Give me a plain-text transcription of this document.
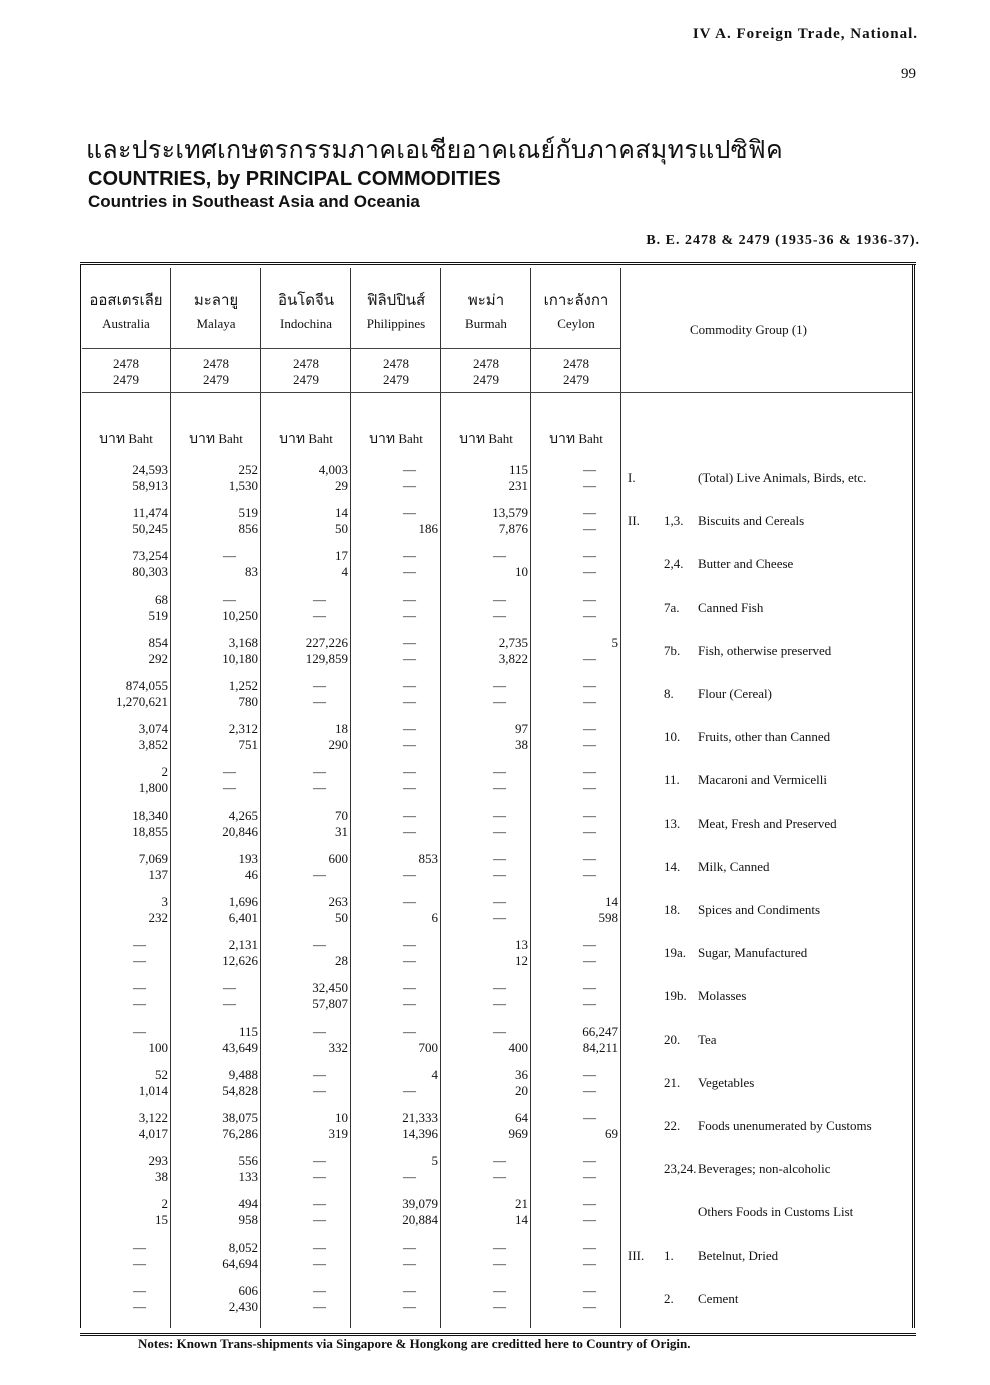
IV A. Foreign Trade, National.
99
และประเทศเกษตรกรรมภาคเอเชียอาคเณย์กับภาคสมุทรแปซิฟิค
COUNTRIES, by PRINCIPAL COMMODITIES
Countries in Southeast Asia and Oceania
B. E. 2478 & 2479 (1935-36 & 1936-37).
ออสเตรเลีย
Australia
2478
2479
บาท Baht
มะลายู
Malaya
2478
2479
บาท Baht
อินโดจีน
Indochina
2478
2479
บาท Baht
ฟิลิปปินส์
Philippines
2478
2479
บาท Baht
พะม่า
Burmah
2478
2479
บาท Baht
เกาะลังกา
Ceylon
2478
2479
บาท Baht
Commodity Group (1)
24,593
58,913
252
1,530
4,003
29
—
—
115
231
—
—
I.	(Total) Live Animals, Birds, etc.
11,474
50,245
519
856
14
50
—
186
13,579
7,876
—
—
II. 1,3. Biscuits and Cereals
73,254
80,303
—
83
17
4
—
—
—
10
—
—
2,4. Butter and Cheese
68
519
—
10,250
—
—
—
—
—
—
—
—
7a. Canned Fish
854
292
3,168
10,180
227,226
129,859
—
—
2,735
3,822
5
—
7b. Fish, otherwise preserved
874,055
1,270,621
1,252
780
—
—
—
—
—
—
—
—
8. Flour (Cereal)
3,074
3,852
2,312
751
18
290
—
—
97
38
—
—
10. Fruits, other than Canned
2
1,800
—
—
—
—
—
—
—
—
—
—
11. Macaroni and Vermicelli
18,340
18,855
4,265
20,846
70
31
—
—
—
—
—
—
13. Meat, Fresh and Preserved
7,069
137
193
46
600
—
853
—
—
—
—
—
14. Milk, Canned
3
232
1,696
6,401
263
50
—
6
—
—
14
598
18. Spices and Condiments
—
—
2,131
12,626
—
28
—
—
13
12
—
—
19a. Sugar, Manufactured
—
—
—
—
32,450
57,807
—
—
—
—
—
—
19b. Molasses
—
100
115
43,649
—
332
—
700
—
400
66,247
84,211
20. Tea
52
1,014
9,488
54,828
—
—
4
—
36
20
—
—
21. Vegetables
3,122
4,017
38,075
76,286
10
319
21,333
14,396
64
969
—
69
22. Foods unenumerated by Customs
293
38
556
133
—
—
5
—
—
—
—
—
23,24. Beverages; non-alcoholic
2
15
494
958
—
—
39,079
20,884
21
14
—
—
Others Foods in Customs List
—
—
8,052
64,694
—
—
—
—
—
—
—
—
III. 1. Betelnut, Dried
—
—
606
2,430
—
—
—
—
—
—
—
—
2. Cement
Notes: Known Trans-shipments via Singapore & Hongkong are creditted here to Country of Origin.
